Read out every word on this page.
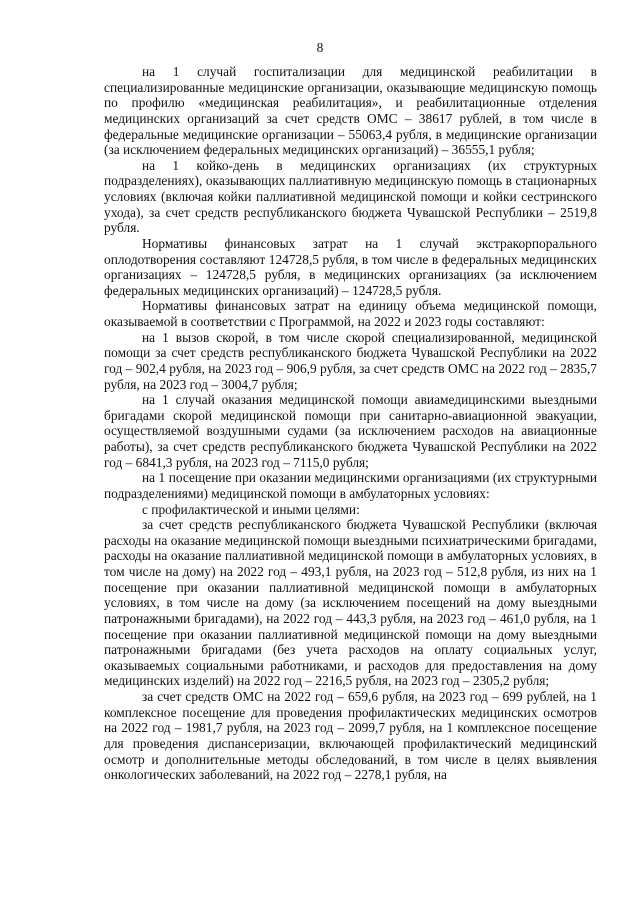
8

на 1 случай госпитализации для медицинской реабилитации в специализированные медицинские организации, оказывающие медицинскую помощь по профилю «медицинская реабилитация», и реабилитационные отделения медицинских организаций за счет средств ОМС – 38617 рублей, в том числе в федеральные медицинские организации – 55063,4 рубля, в медицинские организации (за исключением федеральных медицинских организаций) – 36555,1 рубля;

на 1 койко-день в медицинских организациях (их структурных подразделениях), оказывающих паллиативную медицинскую помощь в стационарных условиях (включая койки паллиативной медицинской помощи и койки сестринского ухода), за счет средств республиканского бюджета Чувашской Республики – 2519,8 рубля.

Нормативы финансовых затрат на 1 случай экстракорпорального оплодотворения составляют 124728,5 рубля, в том числе в федеральных медицинских организациях – 124728,5 рубля, в медицинских организациях (за исключением федеральных медицинских организаций) – 124728,5 рубля.

Нормативы финансовых затрат на единицу объема медицинской помощи, оказываемой в соответствии с Программой, на 2022 и 2023 годы составляют:

на 1 вызов скорой, в том числе скорой специализированной, медицинской помощи за счет средств республиканского бюджета Чувашской Республики на 2022 год – 902,4 рубля, на 2023 год – 906,9 рубля, за счет средств ОМС на 2022 год – 2835,7 рубля, на 2023 год – 3004,7 рубля;

на 1 случай оказания медицинской помощи авиамедицинскими выездными бригадами скорой медицинской помощи при санитарно-авиационной эвакуации, осуществляемой воздушными судами (за исключением расходов на авиационные работы), за счет средств республиканского бюджета Чувашской Республики на 2022 год – 6841,3 рубля, на 2023 год – 7115,0 рубля;

на 1 посещение при оказании медицинскими организациями (их структурными подразделениями) медицинской помощи в амбулаторных условиях:

с профилактической и иными целями:

за счет средств республиканского бюджета Чувашской Республики (включая расходы на оказание медицинской помощи выездными психиатрическими бригадами, расходы на оказание паллиативной медицинской помощи в амбулаторных условиях, в том числе на дому) на 2022 год – 493,1 рубля, на 2023 год – 512,8 рубля, из них на 1 посещение при оказании паллиативной медицинской помощи в амбулаторных условиях, в том числе на дому (за исключением посещений на дому выездными патронажными бригадами), на 2022 год – 443,3 рубля, на 2023 год – 461,0 рубля, на 1 посещение при оказании паллиативной медицинской помощи на дому выездными патронажными бригадами (без учета расходов на оплату социальных услуг, оказываемых социальными работниками, и расходов для предоставления на дому медицинских изделий) на 2022 год – 2216,5 рубля, на 2023 год – 2305,2 рубля;

за счет средств ОМС на 2022 год – 659,6 рубля, на 2023 год – 699 рублей, на 1 комплексное посещение для проведения профилактических медицинских осмотров на 2022 год – 1981,7 рубля, на 2023 год – 2099,7 рубля, на 1 комплексное посещение для проведения диспансеризации, включающей профилактический медицинский осмотр и дополнительные методы обследований, в том числе в целях выявления онкологических заболеваний, на 2022 год – 2278,1 рубля, на
